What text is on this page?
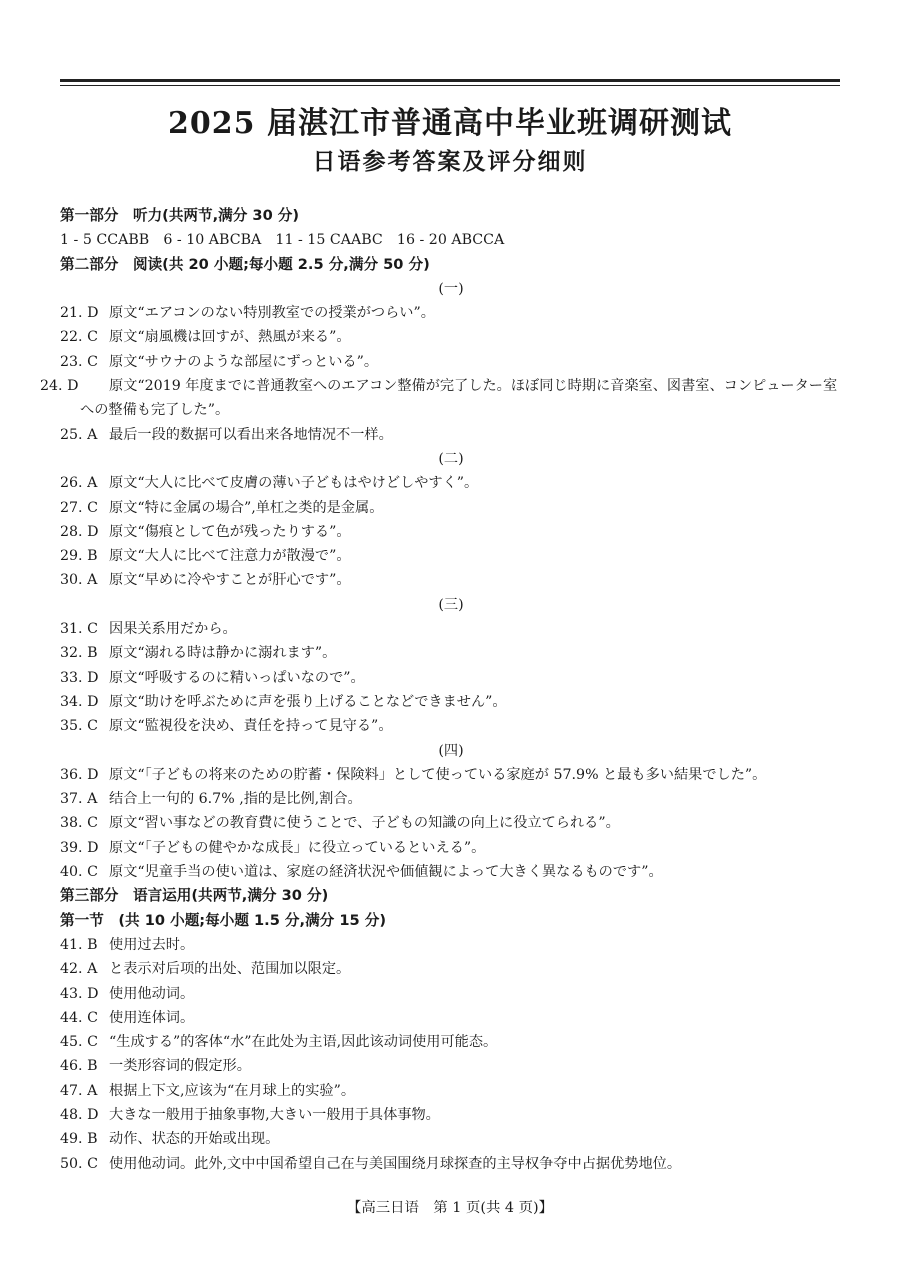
2025 届湛江市普通高中毕业班调研测试
日语参考答案及评分细则
第一部分　听力(共两节,满分 30 分)
1 - 5 CCABB　6 - 10 ABCBA　11 - 15 CAABC　16 - 20 ABCCA
第二部分　阅读(共 20 小题;每小题 2.5 分,满分 50 分)
(一)
21. D 原文“エアコンのない特別教室での授業がつらい”。
22. C 原文“扇風機は回すが、熱風が来る”。
23. C 原文“サウナのような部屋にずっといる”。
24. D 原文“2019 年度までに普通教室へのエアコン整備が完了した。ほぼ同じ時期に音楽室、図書室、コンピューター室への整備も完了した”。
25. A 最后一段的数据可以看出来各地情况不一样。
(二)
26. A 原文“大人に比べて皮膚の薄い子どもはやけどしやすく”。
27. C 原文“特に金属の場合”,单杠之类的是金属。
28. D 原文“傷痕として色が残ったりする”。
29. B 原文“大人に比べて注意力が散漫で”。
30. A 原文“早めに冷やすことが肝心です”。
(三)
31. C 因果关系用だから。
32. B 原文“溺れる時は静かに溺れます”。
33. D 原文“呼吸するのに精いっぱいなので”。
34. D 原文“助けを呼ぶために声を張り上げることなどできません”。
35. C 原文“監視役を決め、責任を持って見守る”。
(四)
36. D 原文“「子どもの将来のための貯蓄・保険料」として使っている家庭が 57.9% と最も多い結果でした”。
37. A 结合上一句的 6.7% ,指的是比例,割合。
38. C 原文“習い事などの教育費に使うことで、子どもの知識の向上に役立てられる”。
39. D 原文“「子どもの健やかな成長」に役立っているといえる”。
40. C 原文“児童手当の使い道は、家庭の経済状況や価値観によって大きく異なるものです”。
第三部分　语言运用(共两节,满分 30 分)
第一节　(共 10 小题;每小题 1.5 分,满分 15 分)
41. B 使用过去时。
42. A と表示对后项的出处、范围加以限定。
43. D 使用他动词。
44. C 使用连体词。
45. C “生成する”的客体“水”在此处为主语,因此该动词使用可能态。
46. B 一类形容词的假定形。
47. A 根据上下文,应该为“在月球上的实验”。
48. D 大きな一般用于抽象事物,大きい一般用于具体事物。
49. B 动作、状态的开始或出现。
50. C 使用他动词。此外,文中中国希望自己在与美国围绕月球探查的主导权争夺中占据优势地位。
【高三日语　第 1 页(共 4 页)】
